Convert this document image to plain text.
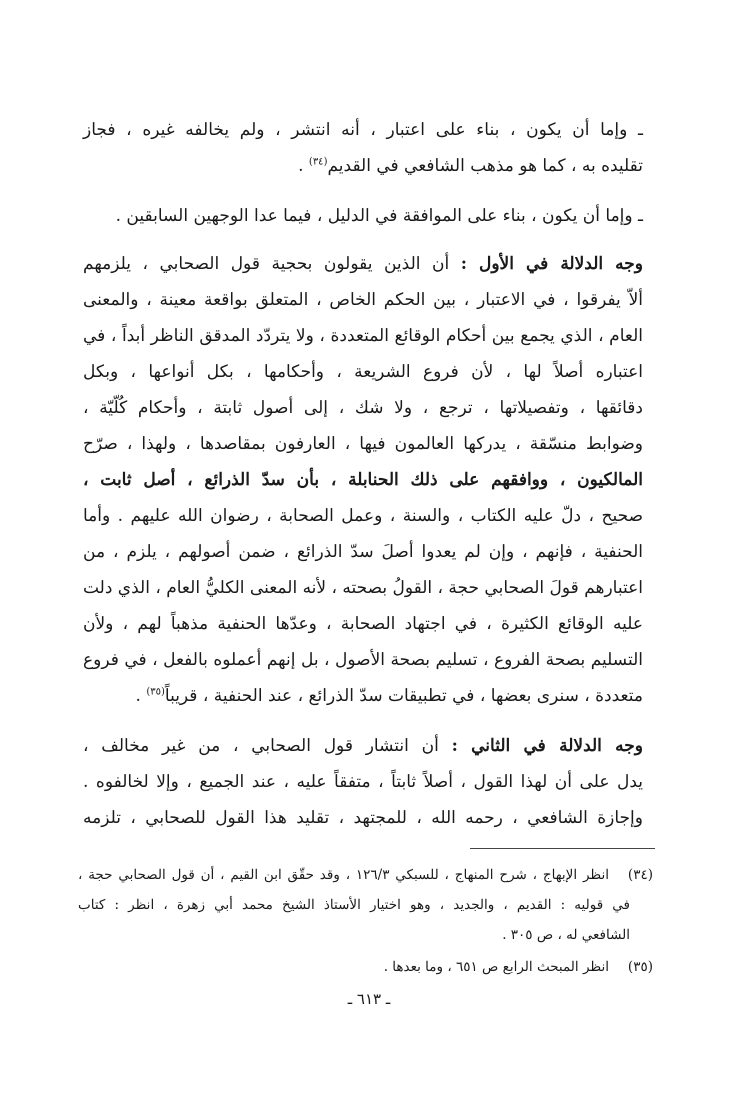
ـ وإما أن يكون ، بناء على اعتبار ، أنه انتشر ، ولم يخالفه غيره ، فجاز
تقليده به ، كما هو مذهب الشافعي في القديم$^{(٣٤)}$ .
ـ وإما أن يكون ، بناء على الموافقة في الدليل ، فيما عدا الوجهين السابقين .
وجه الدلالة في الأول : أن الذين يقولون بحجية قول الصحابي ، يلزمهم
ألاّ يفرقوا ، في الاعتبار ، بين الحكم الخاص ، المتعلق بواقعة معينة ، والمعنى
العام ، الذي يجمع بين أحكام الوقائع المتعددة ، ولا يتردّد المدقق الناظر أبداً ، في
اعتباره أصلاً لها ، لأن فروع الشريعة ، وأحكامها ، بكل أنواعها ، وبكل
دقائقها ، وتفصيلاتها ، ترجع ، ولا شك ، إلى أصول ثابتة ، وأحكام كُلّيّة ،
وضوابط منسّقة ، يدركها العالمون فيها ، العارفون بمقاصدها ، ولهذا ، صرّح
المالكيون ، ووافقهم على ذلك الحنابلة ، بأن سدّ الذرائع ، أصل ثابت ،
صحيح ، دلّ عليه الكتاب ، والسنة ، وعمل الصحابة ، رضوان الله عليهم . وأما
الحنفية ، فإنهم ، وإن لم يعدوا أصلَ سدّ الذرائع ، ضمن أصولهم ، يلزم ، من
اعتبارهم قولَ الصحابي حجة ، القولُ بصحته ، لأنه المعنى الكليُّ العام ، الذي دلت
عليه الوقائع الكثيرة ، في اجتهاد الصحابة ، وعدّها الحنفية مذهباً لهم ، ولأن
التسليم بصحة الفروع ، تسليم بصحة الأصول ، بل إنهم أعملوه بالفعل ، في فروع
متعددة ، سنرى بعضها ، في تطبيقات سدّ الذرائع ، عند الحنفية ، قريباً$^{(٣٥)}$ .
وجه الدلالة في الثاني : أن انتشار قول الصحابي ، من غير مخالف ،
يدل على أن لهذا القول ، أصلاً ثابتاً ، متفقاً عليه ، عند الجميع ، وإلا لخالفوه .
وإجازة الشافعي ، رحمه الله ، للمجتهد ، تقليد هذا القول للصحابي ، تلزمه
(٣٤)انظر الإبهاج ، شرح المنهاج ، للسبكي ١٢٦/٣ ، وقد حقّق ابن القيم ، أن قول الصحابي حجة ،
في قوليه : القديم ، والجديد ، وهو اختيار الأستاذ الشيخ محمد أبي زهرة ، انظر : كتاب
الشافعي له ، ص ٣٠٥ .
(٣٥)انظر المبحث الرابع ص ٦٥١ ، وما بعدها .
ـ ٦١٣ ـ
